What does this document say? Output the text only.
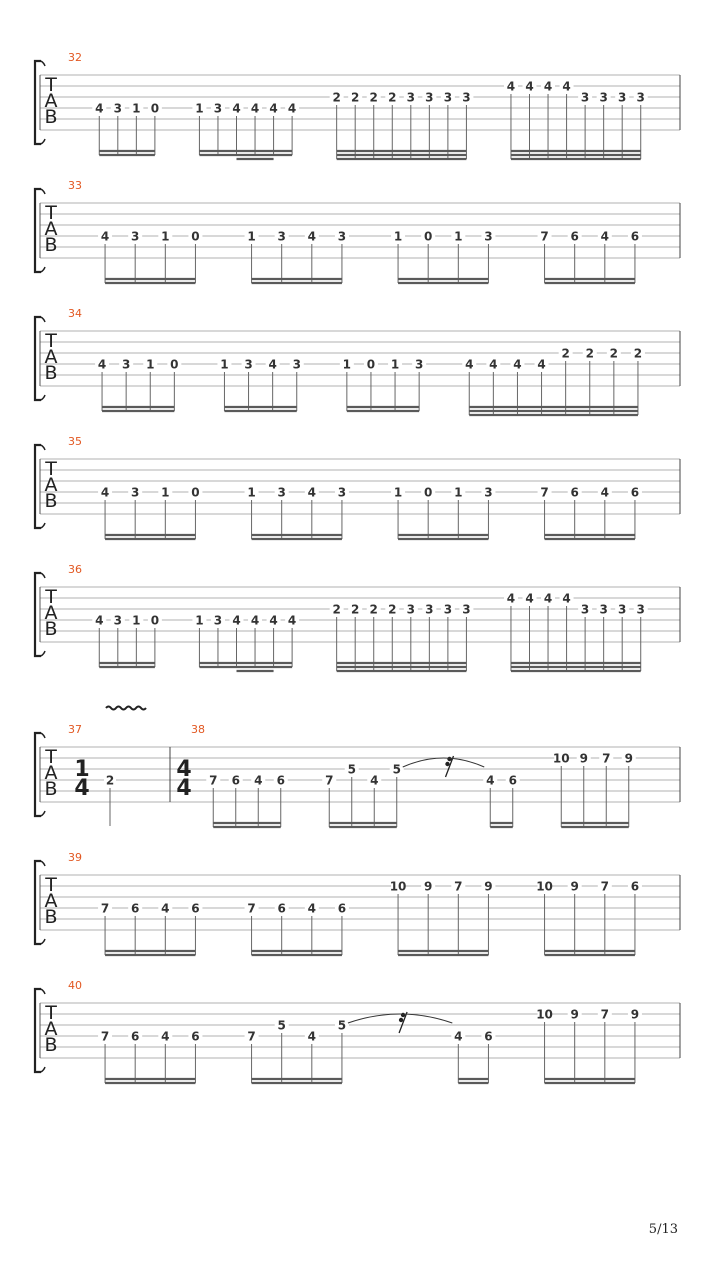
T
A
B
32
4 3 1 0	1 3 4 4 4 4
2 2 2 2 3 3 3 3
4 4 4 4
3 3 3 3
T
A
B
33
4 3 1 0	1 3 4 3	1 0 1 3	7 6 4 6
T
A
B
34
4 3 1 0	1 3 4 3	1 0 1 3	4 4 4 4
2 2 2 2
T
A
B
35
4 3 1 0	1 3 4 3	1 0 1 3	7 6 4 6
T
A
B
36
4 3 1 0	1 3 4 4 4 4
2 2 2 2 3 3 3 3
4 4 4 4
3 3 3 3
T
A
B
37
1
4 2
38
4
4 7 6 4 6	7
5
4
5
4 6
10 9 7 9
T
A
B
39
7 6 4 6	7 6 4 6
10 9 7 9	10 9 7 6
T
A
B
40
7 6 4 6	7
5
4
5
4 6
10 9 7 9
5/13
